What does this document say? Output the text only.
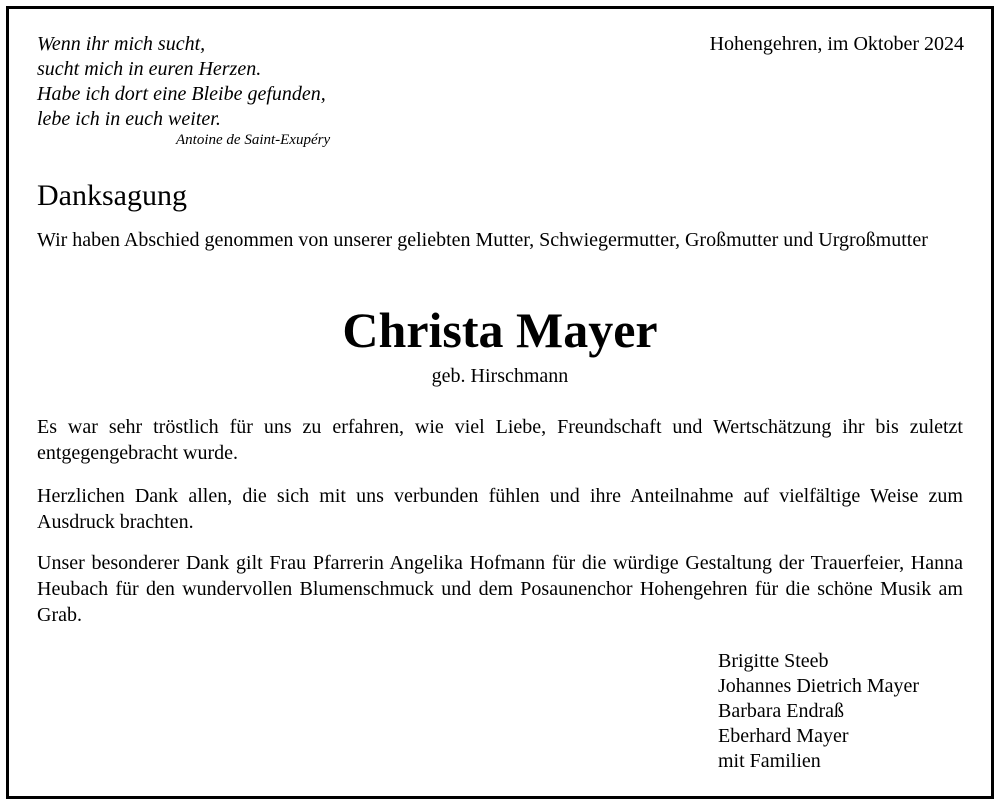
Wenn ihr mich sucht,
sucht mich in euren Herzen.
Habe ich dort eine Bleibe gefunden,
lebe ich in euch weiter.
Antoine de Saint-Exupéry
Hohengehren, im Oktober 2024
Danksagung
Wir haben Abschied genommen von unserer geliebten Mutter, Schwiegermutter, Großmutter und Urgroßmutter
Christa Mayer
geb. Hirschmann
Es war sehr tröstlich für uns zu erfahren, wie viel Liebe, Freundschaft und Wertschätzung ihr bis zuletzt entgegengebracht wurde.
Herzlichen Dank allen, die sich mit uns verbunden fühlen und ihre Anteilnahme auf vielfältige Weise zum Ausdruck brachten.
Unser besonderer Dank gilt Frau Pfarrerin Angelika Hofmann für die würdige Gestaltung der Trauerfeier, Hanna Heubach für den wundervollen Blumenschmuck und dem Posaunenchor Hohengehren für die schöne Musik am Grab.
Brigitte Steeb
Johannes Dietrich Mayer
Barbara Endraß
Eberhard Mayer
mit Familien
